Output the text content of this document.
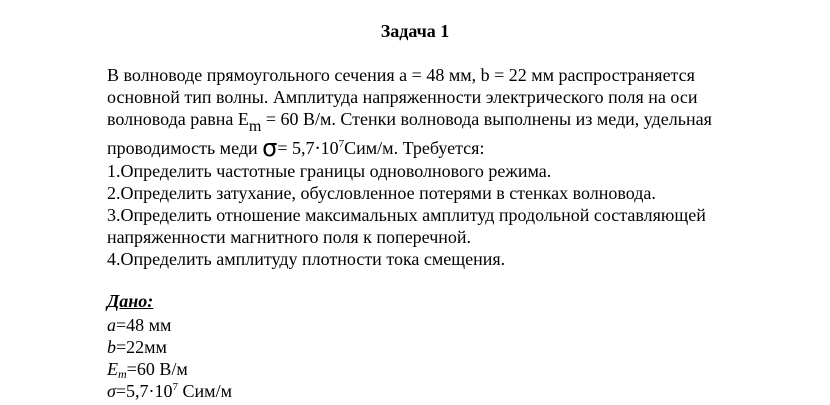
Задача 1
В волноводе прямоугольного сечения a = 48 мм, b = 22 мм распространяется
основной тип волны. Амплитуда напряженности электрического поля на оси
волновода равна Em = 60 В/м. Стенки волновода выполнены из меди, удельная
проводимость меди $\sigma= 5,7\cdot 10^7Сим/м$. Требуется:
1.Определить частотные границы одноволнового режима.
2.Определить затухание, обусловленное потерями в стенках волновода.
3.Определить отношение максимальных амплитуд продольной составляющей
напряженности магнитного поля к поперечной.
4.Определить амплитуду плотности тока смещения.
Дано:
a=48 мм
b=22мм
Em=60 В/м
$\sigma=5,7\cdot 10^7$ Сим/м
